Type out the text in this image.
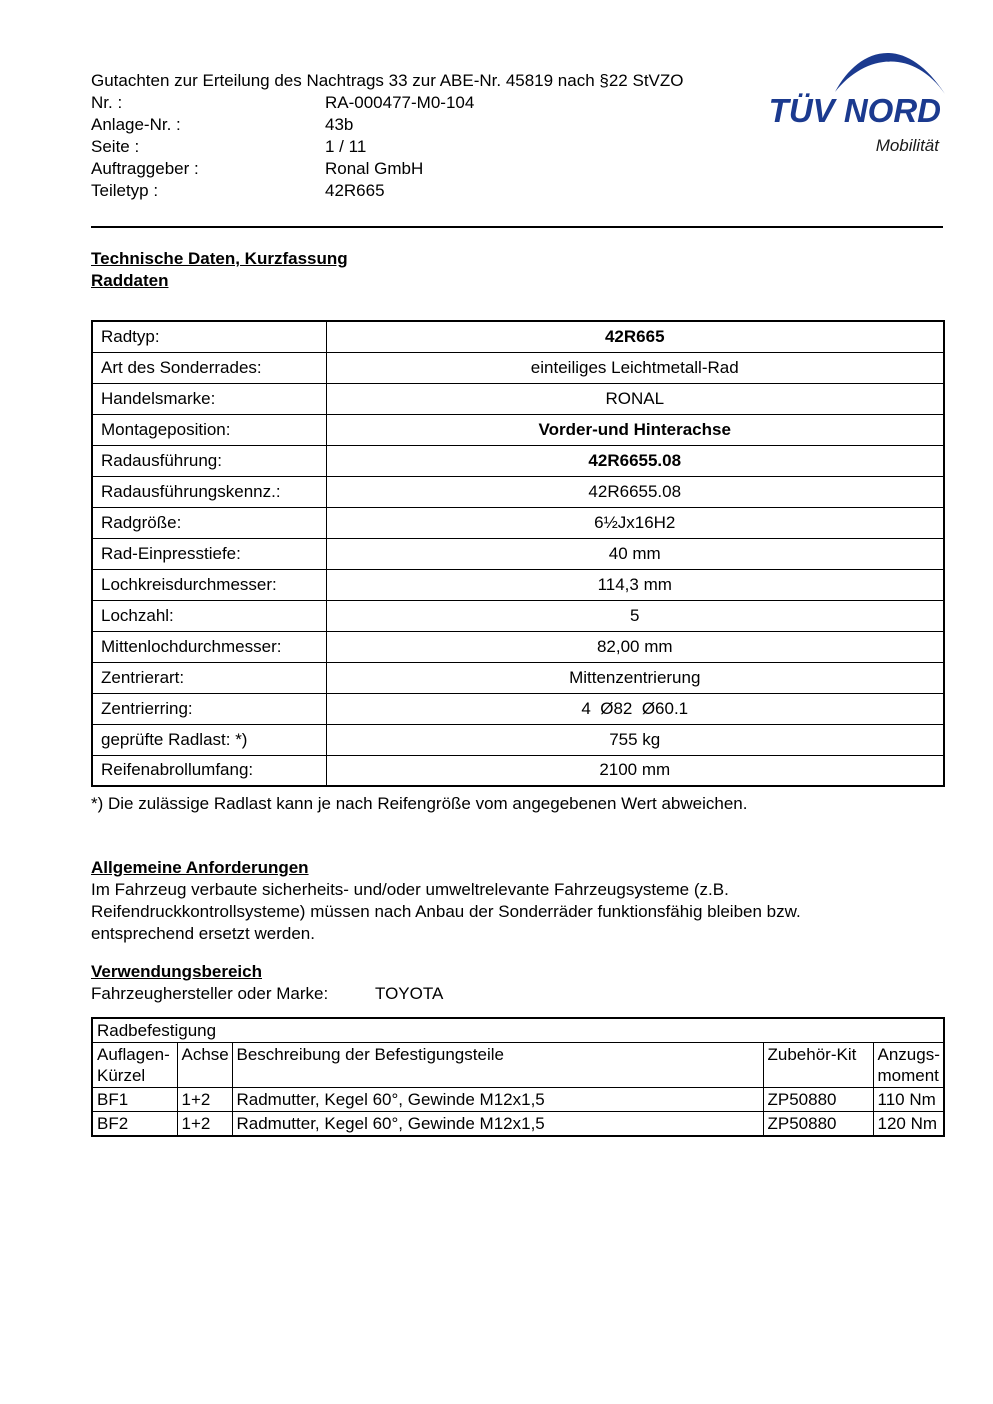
Gutachten zur Erteilung des Nachtrags 33 zur ABE-Nr. 45819 nach §22 StVZO
Nr. :	RA-000477-M0-104
Anlage-Nr. :	43b
Seite :	1 / 11
Auftraggeber :	Ronal GmbH
Teiletyp :	42R665
TÜV NORD
Mobilität
Technische Daten, Kurzfassung
Raddaten
Radtyp:	42R665
Art des Sonderrades:	einteiliges Leichtmetall-Rad
Handelsmarke:	RONAL
Montageposition:	Vorder-und Hinterachse
Radausführung:	42R6655.08
Radausführungskennz.:	42R6655.08
Radgröße:	6½Jx16H2
Rad-Einpresstiefe:	40 mm
Lochkreisdurchmesser:	114,3 mm
Lochzahl:	5
Mittenlochdurchmesser:	82,00 mm
Zentrierart:	Mittenzentrierung
Zentrierring:	4  Ø82  Ø60.1
geprüfte Radlast: *)	755 kg
Reifenabrollumfang:	2100 mm
*) Die zulässige Radlast kann je nach Reifengröße vom angegebenen Wert abweichen.
Allgemeine Anforderungen
Im Fahrzeug verbaute sicherheits- und/oder umweltrelevante Fahrzeugsysteme (z.B. Reifendruckkontrollsysteme) müssen nach Anbau der Sonderräder funktionsfähig bleiben bzw. entsprechend ersetzt werden.
Verwendungsbereich
Fahrzeughersteller oder Marke:	TOYOTA
Radbefestigung				
Auflagen-Kürzel	Achse	Beschreibung der Befestigungsteile	Zubehör-Kit	Anzugs-moment
BF1	1+2	Radmutter, Kegel 60°, Gewinde M12x1,5	ZP50880	110 Nm
BF2	1+2	Radmutter, Kegel 60°, Gewinde M12x1,5	ZP50880	120 Nm
